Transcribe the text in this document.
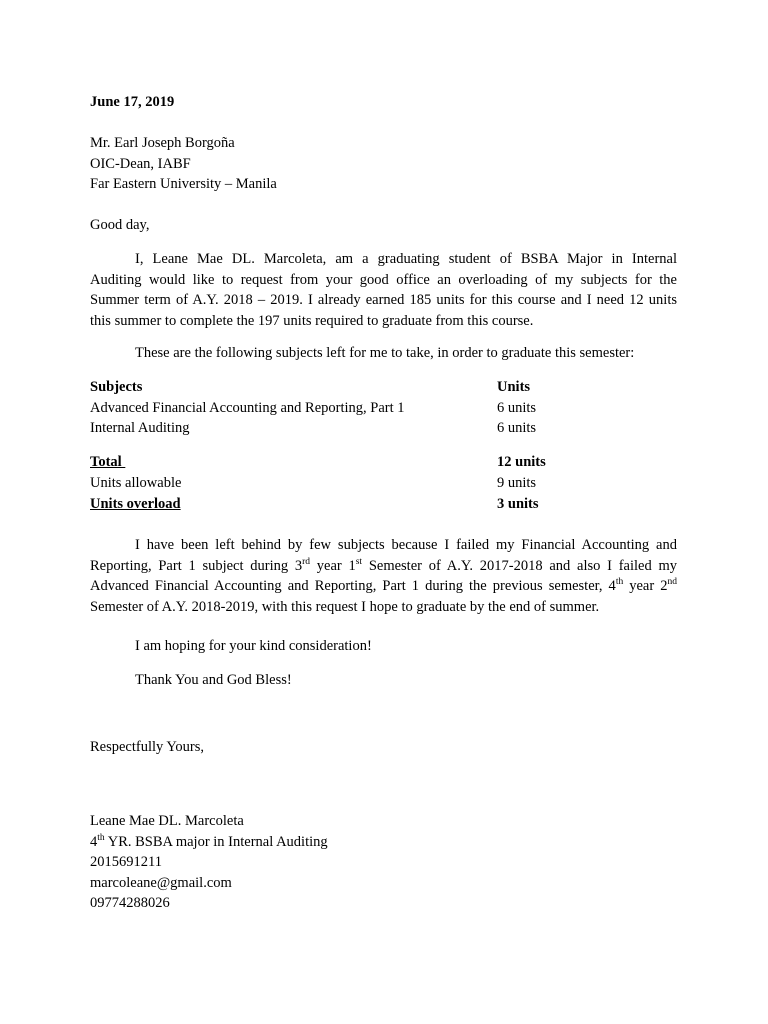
June 17, 2019
Mr. Earl Joseph Borgoña
OIC-Dean, IABF
Far Eastern University – Manila
Good day,
I, Leane Mae DL. Marcoleta, am a graduating student of BSBA Major in Internal
Auditing would like to request from your good office an overloading of my subjects for the
Summer term of A.Y. 2018 – 2019. I already earned 185 units for this course and I need 12 units
this summer to complete the 197 units required to graduate from this course.
These are the following subjects left for me to take, in order to graduate this semester:
Subjects	Units
Advanced Financial Accounting and Reporting, Part 1	6 units
Internal Auditing	6 units
Total	12 units
Units allowable	9 units
Units overload	3 units
I have been left behind by few subjects because I failed my Financial Accounting and
Reporting, Part 1 subject during 3rd year 1st Semester of A.Y. 2017-2018 and also I failed my
Advanced Financial Accounting and Reporting, Part 1 during the previous semester, 4th year 2nd
Semester of A.Y. 2018-2019, with this request I hope to graduate by the end of summer.
I am hoping for your kind consideration!
Thank You and God Bless!
Respectfully Yours,
Leane Mae DL. Marcoleta
4th YR. BSBA major in Internal Auditing
2015691211
marcoleane@gmail.com
09774288026
